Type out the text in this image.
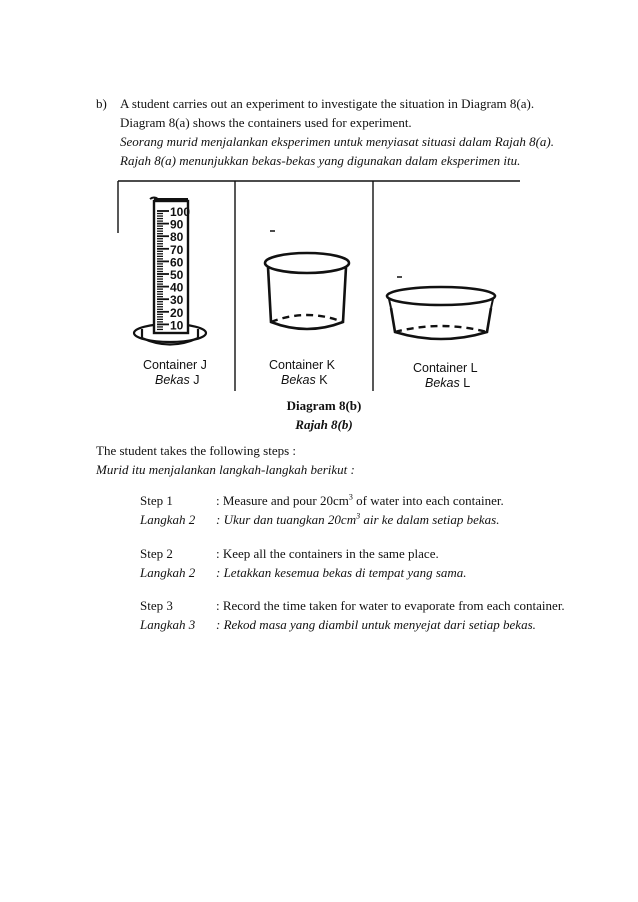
b) A student carries out an experiment to investigate the situation in Diagram 8(a).
Diagram 8(a) shows the containers used for experiment.
Seorang murid menjalankan eksperimen untuk menyiasat situasi dalam Rajah 8(a).
Rajah 8(a) menunjukkan bekas-bekas yang digunakan dalam eksperimen itu.
100
90
80
70
60
50
40
30
20
10
Container J
Bekas J
Container K
Bekas K
Container L
Bekas L
Diagram 8(b)
Rajah 8(b)
The student takes the following steps :
Murid itu menjalankan langkah-langkah berikut :
Step 1	: Measure and pour $20cm^3$ of water into each container.
Langkah 2 : Ukur dan tuangkan $20cm^3$ air ke dalam setiap bekas.
Step 2	: Keep all the containers in the same place.
Langkah 2 : Letakkan kesemua bekas di tempat yang sama.
Step 3	: Record the time taken for water to evaporate from each container.
Langkah 3 : Rekod masa yang diambil untuk menyejat dari setiap bekas.
